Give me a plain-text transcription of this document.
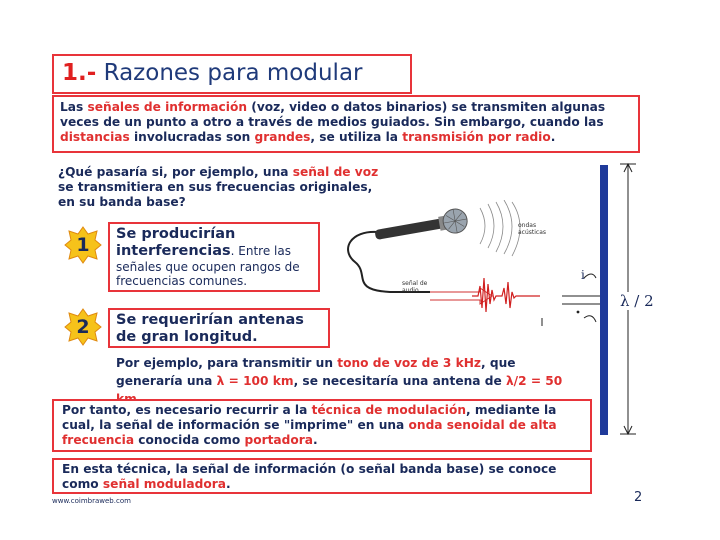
1.- Razones para modular
Las señales de información (voz, video o datos binarios) se transmiten algunas veces de un punto a otro a través de medios guiados. Sin embargo, cuando las distancias involucradas son grandes, se utiliza la transmisión por radio.
¿Qué pasaría si, por ejemplo, una señal de voz se transmitiera en sus frecuencias originales, en su banda base?
1	Se producirían
interferencias. Entre las señales que ocupen rangos de frecuencias comunes.
2	Se requerirían antenas de gran longitud.
ondas
acústicas
señal de
audio
i
λ / 2
Por ejemplo, para transmitir un tono de voz de 3 kHz, que generaría una λ = 100 km, se necesitaría una antena de λ/2 = 50
Por tanto, es necesario recurrir a la técnica de modulación, mediante la cual, la señal de información se "imprime" en una onda senoidal de alta frecuencia conocida como portadora.
En esta técnica, la señal de información (o señal banda base) se conoce como señal moduladora.
www.coimbraweb.com	2
